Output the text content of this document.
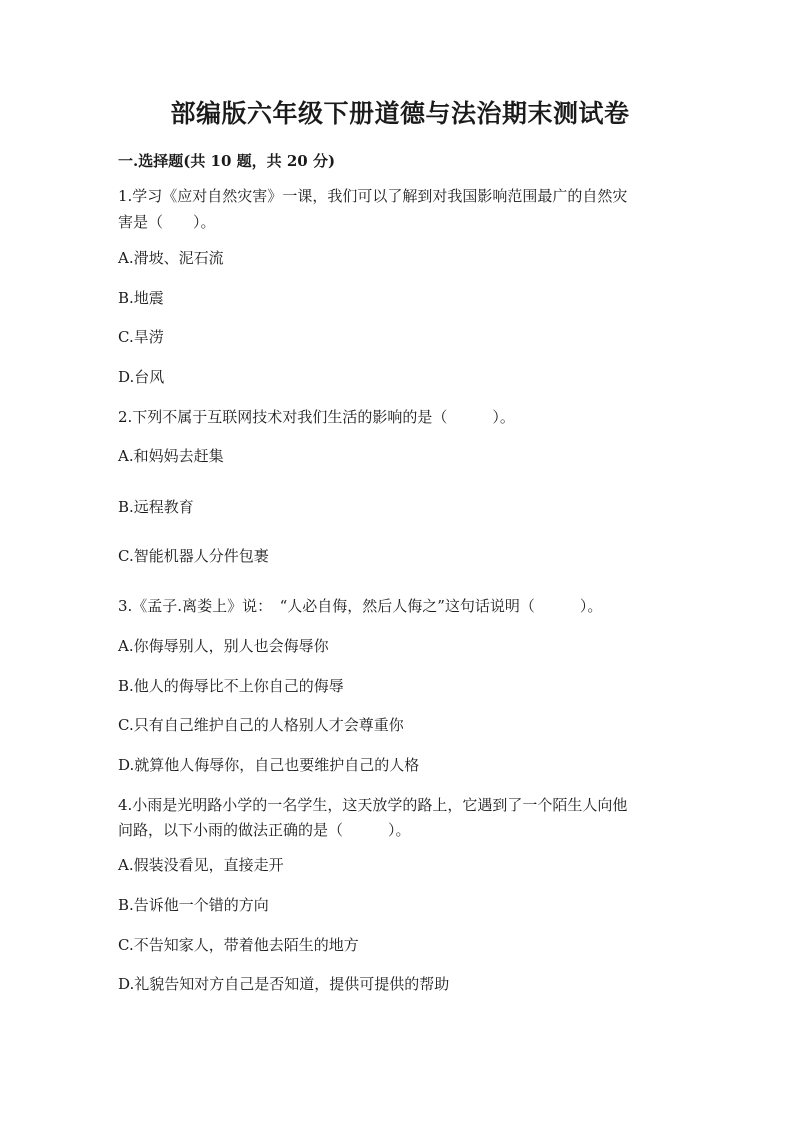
部编版六年级下册道德与法治期末测试卷

一.选择题(共 10 题，共 20 分)

1.学习《应对自然灾害》一课，我们可以了解到对我国影响范围最广的自然灾

害是（　　）。

A.滑坡、泥石流

B.地震

C.旱涝

D.台风

2.下列不属于互联网技术对我们生活的影响的是（　　　）。

A.和妈妈去赶集

B.远程教育

C.智能机器人分件包裹

3.《孟子.离娄上》说：　“人必自侮，然后人侮之”这句话说明（　　　）。

A.你侮辱别人，别人也会侮辱你

B.他人的侮辱比不上你自己的侮辱

C.只有自己维护自己的人格别人才会尊重你

D.就算他人侮辱你，自己也要维护自己的人格

4.小雨是光明路小学的一名学生，这天放学的路上，它遇到了一个陌生人向他

问路，以下小雨的做法正确的是（　　　）。

A.假装没看见，直接走开

B.告诉他一个错的方向

C.不告知家人，带着他去陌生的地方

D.礼貌告知对方自己是否知道，提供可提供的帮助
